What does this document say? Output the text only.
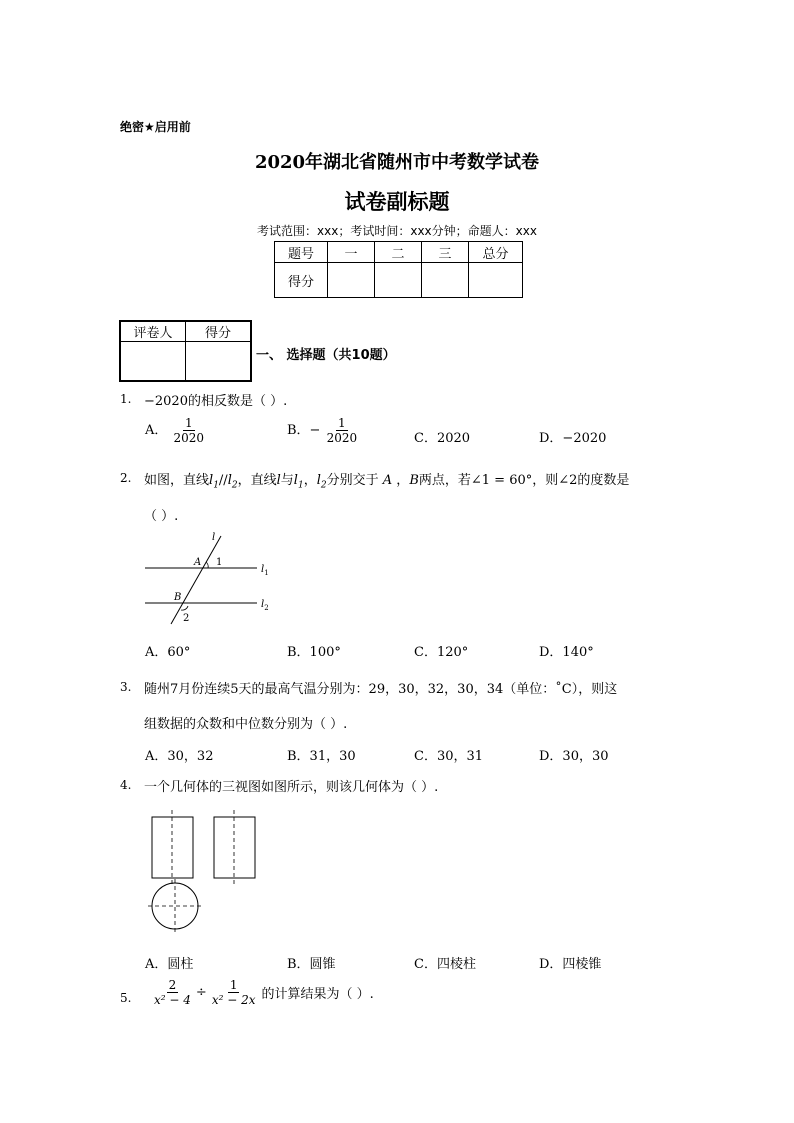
绝密★启用前
2020年湖北省随州市中考数学试卷
试卷副标题
考试范围：xxx；考试时间：xxx分钟；命题人：xxx
题号	一	二	三	总分
得分				
评卷人	得分

一、 选择题（共10题）
1. −2020的相反数是（ ）.
A． $\frac{1}{2020}$	B．− $\frac{1}{2020}$	C．2020	D．−2020
2. 如图，直线$l_1//l_2$，直线l与$l_1$，$l_2$分别交于 A ，B两点，若∠1 = 60°，则∠2的度数是
（ ）.
l
A 1
B
2
$l_1$
$l_2$
A．60°	B．100°	C．120°	D．140°
3. 随州7月份连续5天的最高气温分别为：29，30，32，30，34（单位：˚C），则这
组数据的众数和中位数分别为（ ）.
A．30，32	B．31，30	C．30，31	D．30，30
4. 一个几何体的三视图如图所示，则该几何体为（ ）.
A．圆柱	B．圆锥	C．四棱柱	D．四棱锥
5. $\frac{2}{\text{x² − 4}} \div \frac{1}{\text{x² − 2x}}$ 的计算结果为（ ）.
